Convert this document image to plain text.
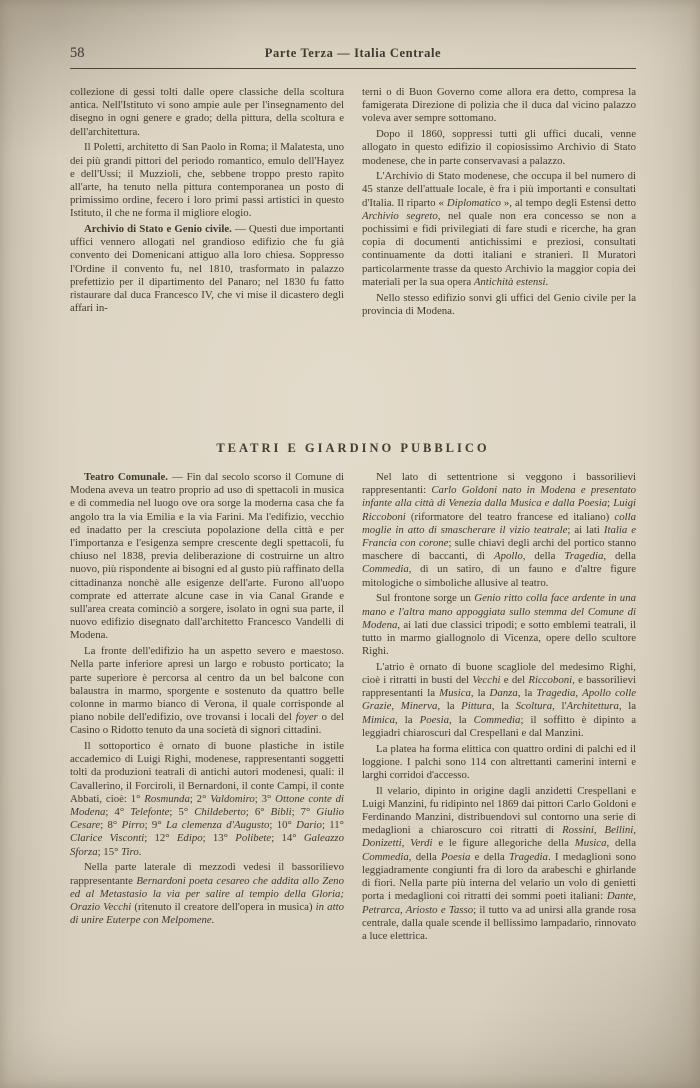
58	Parte Terza — Italia Centrale

collezione di gessi tolti dalle opere classiche della scoltura antica. Nell'Istituto vi sono ampie aule per l'insegnamento del disegno in ogni genere e grado; della pittura, della scoltura e dell'architettura.

Il Poletti, architetto di San Paolo in Roma; il Malatesta, uno dei più grandi pittori del periodo romantico, emulo dell'Hayez e dell'Ussi; il Muzzioli, che, sebbene troppo presto rapito all'arte, ha tenuto nella pittura contemporanea un posto di primissimo ordine, fecero i loro primi passi artistici in questo Istituto, il che ne forma il migliore elogio.

Archivio di Stato e Genio civile. — Questi due importanti uffici vennero allogati nel grandioso edifizio che fu già convento dei Domenicani attiguo alla loro chiesa. Soppresso l'Ordine il convento fu, nel 1810, trasformato in palazzo prefettizio per il dipartimento del Panaro; nel 1830 fu fatto ristaurare dal duca Francesco IV, che vi mise il dicastero degli affari in-

terni o di Buon Governo come allora era detto, compresa la famigerata Direzione di polizia che il duca dal vicino palazzo voleva aver sempre sottomano.

Dopo il 1860, soppressi tutti gli uffici ducali, venne allogato in questo edifizio il copiosissimo Archivio di Stato modenese, che in parte conservavasi a palazzo.

L'Archivio di Stato modenese, che occupa il bel numero di 45 stanze dell'attuale locale, è fra i più importanti e consultati d'Italia. Il riparto « Diplomatico », al tempo degli Estensi detto Archivio segreto, nel quale non era concesso se non a pochissimi e fidi privilegiati di fare studi e ricerche, ha gran copia di documenti antichissimi e preziosi, consultati continuamente da dotti italiani e stranieri. Il Muratori particolarmente trasse da questo Archivio la maggior copia dei materiali per la sua opera Antichità estensi.

Nello stesso edifizio sonvi gli uffici del Genio civile per la provincia di Modena.

TEATRI E GIARDINO PUBBLICO

Teatro Comunale. — Fin dal secolo scorso il Comune di Modena aveva un teatro proprio ad uso di spettacoli in musica e di commedia nel luogo ove ora sorge la moderna casa che fa angolo tra la via Emilia e la via Farini. Ma l'edifizio, vecchio ed inadatto per la cresciuta popolazione della città e per l'importanza e l'esigenza sempre crescente degli spettacoli, fu chiuso nel 1838, previa deliberazione di costruirne un altro nuovo, più rispondente ai bisogni ed al gusto più raffinato della cittadinanza nonchè alle esigenze dell'arte. Furono all'uopo comprate ed atterrate alcune case in via Canal Grande e sull'area creata cominciò a sorgere, isolato in ogni sua parte, il nuovo edifizio disegnato dall'architetto Francesco Vandelli di Modena.

La fronte dell'edifizio ha un aspetto severo e maestoso. Nella parte inferiore apresi un largo e robusto porticato; la parte superiore è percorsa al centro da un bel balcone con balaustra in marmo, sporgente e sostenuto da quattro belle colonne in marmo bianco di Verona, il quale corrisponde al piano nobile dell'edifizio, ove trovansi i locali del foyer o del Casino o Ridotto tenuto da una società di signori cittadini.

Il sottoportico è ornato di buone plastiche in istile accademico di Luigi Righi, modenese, rappresentanti soggetti tolti da produzioni teatrali di antichi autori modenesi, quali: il Cavallerino, il Forciroli, il Bernardoni, il conte Campi, il conte Abbati, cioè: 1° Rosmunda; 2° Valdomiro; 3° Ottone conte di Modena; 4° Telefonte; 5° Childeberto; 6° Bibli; 7° Giulio Cesare; 8° Pirro; 9° La clemenza d'Augusto; 10° Dario; 11° Clarice Visconti; 12° Edipo; 13° Polibete; 14° Galeazzo Sforza; 15° Tiro.

Nella parte laterale di mezzodì vedesi il bassorilievo rappresentante Bernardoni poeta cesareo che addita allo Zeno ed al Metastasio la via per salire al tempio della Gloria; Orazio Vecchi (ritenuto il creatore dell'opera in musica) in atto di unire Euterpe con Melpomene.

Nel lato di settentrione si veggono i bassorilievi rappresentanti: Carlo Goldoni nato in Modena e presentato infante alla città di Venezia dalla Musica e dalla Poesia; Luigi Riccoboni (riformatore del teatro francese ed italiano) colla moglie in atto di smascherare il vizio teatrale; ai lati Italia e Francia con corone; sulle chiavi degli archi del portico stanno maschere di baccanti, di Apollo, della Tragedia, della Commedia, di un satiro, di un fauno e d'altre figure mitologiche o simboliche allusive al teatro.

Sul frontone sorge un Genio ritto colla face ardente in una mano e l'altra mano appoggiata sullo stemma del Comune di Modena, ai lati due classici tripodi; e sotto emblemi teatrali, il tutto in marmo giallognolo di Vicenza, opere dello scultore Righi.

L'atrio è ornato di buone scagliole del medesimo Righi, cioè i ritratti in busti del Vecchi e del Riccoboni, e bassorilievi rappresentanti la Musica, la Danza, la Tragedia, Apollo colle Grazie, Minerva, la Pittura, la Scoltura, l'Architettura, la Mimica, la Poesia, la Commedia; il soffitto è dipinto a leggiadri chiaroscuri dal Crespellani e dal Manzini.

La platea ha forma elittica con quattro ordini di palchi ed il loggione. I palchi sono 114 con altrettanti camerini interni e larghi corridoi d'accesso.

Il velario, dipinto in origine dagli anzidetti Crespellani e Luigi Manzini, fu ridipinto nel 1869 dai pittori Carlo Goldoni e Ferdinando Manzini, distribuendovi sul contorno una serie di medaglioni a chiaroscuro coi ritratti di Rossini, Bellini, Donizetti, Verdi e le figure allegoriche della Musica, della Commedia, della Poesia e della Tragedia. I medaglioni sono leggiadramente congiunti fra di loro da arabeschi e ghirlande di fiori. Nella parte più interna del velario un volo di genietti porta i medaglioni coi ritratti dei sommi poeti italiani: Dante, Petrarca, Ariosto e Tasso; il tutto va ad unirsi alla grande rosa centrale, dalla quale scende il bellissimo lampadario, rinnovato a luce elettrica.
